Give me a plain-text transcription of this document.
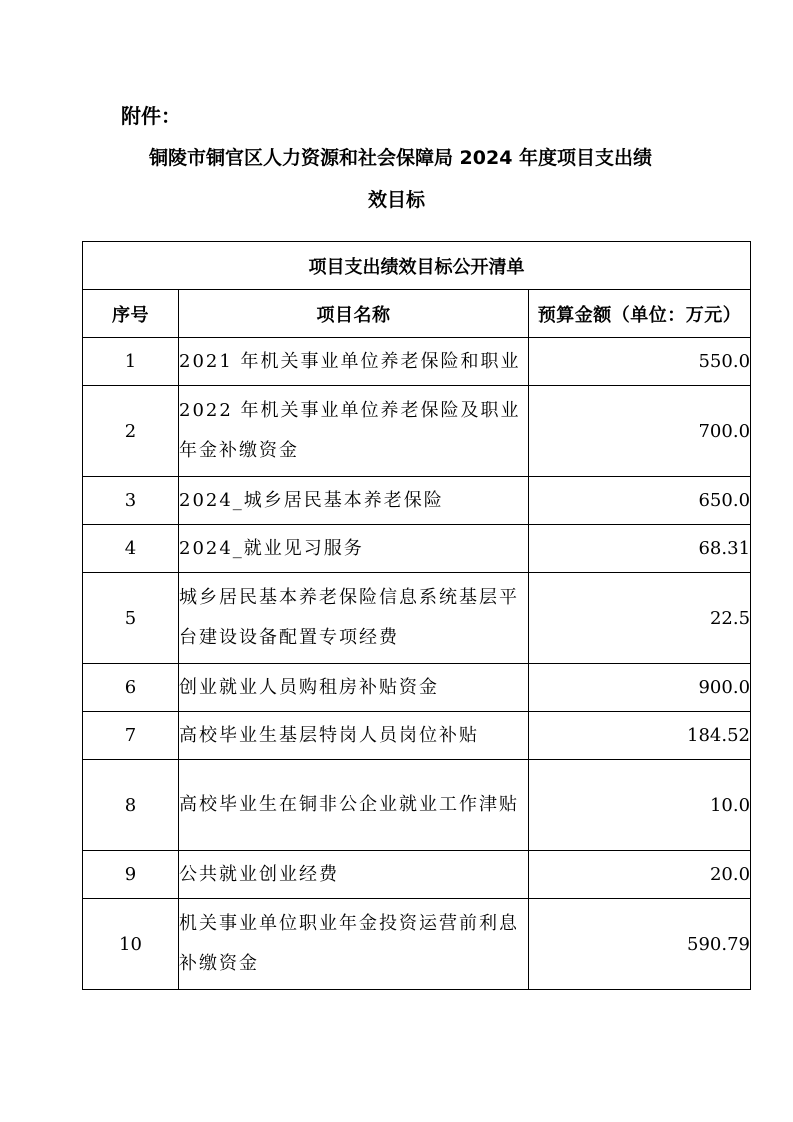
附件：
铜陵市铜官区人力资源和社会保障局 2024 年度项目支出绩
效目标
项目支出绩效目标公开清单		
序号	项目名称	预算金额（单位：万元）
1	2021 年机关事业单位养老保险和职业	550.0
2	2022 年机关事业单位养老保险及职业年金补缴资金	700.0
3	2024_城乡居民基本养老保险	650.0
4	2024_就业见习服务	68.31
5	城乡居民基本养老保险信息系统基层平台建设设备配置专项经费	22.5
6	创业就业人员购租房补贴资金	900.0
7	高校毕业生基层特岗人员岗位补贴	184.52
8	高校毕业生在铜非公企业就业工作津贴	10.0
9	公共就业创业经费	20.0
10	机关事业单位职业年金投资运营前利息补缴资金	590.79
